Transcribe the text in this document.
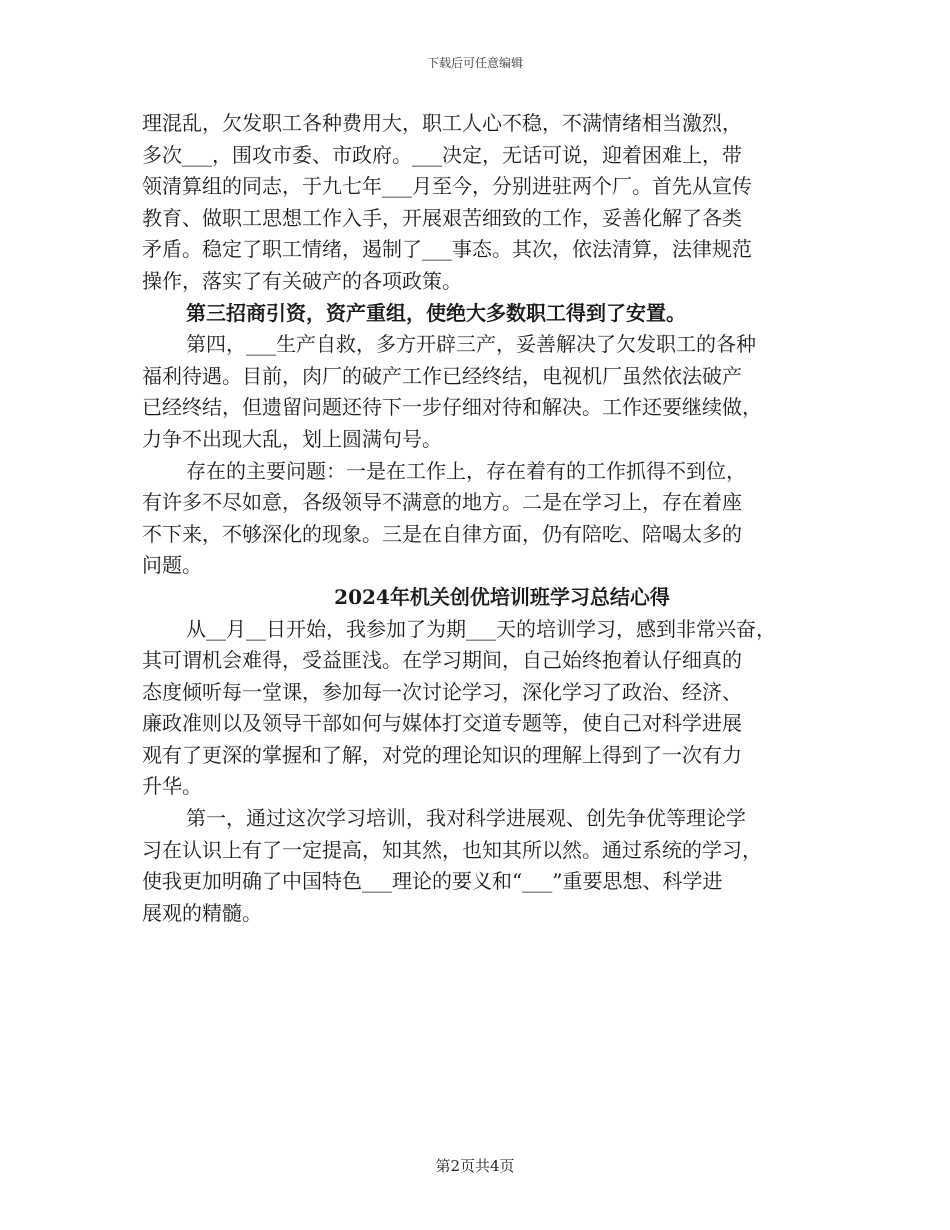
下载后可任意编辑
理混乱，欠发职工各种费用大，职工人心不稳，不满情绪相当激烈，
多次___，围攻市委、市政府。___决定，无话可说，迎着困难上，带
领清算组的同志，于九七年___月至今，分别进驻两个厂。首先从宣传
教育、做职工思想工作入手，开展艰苦细致的工作，妥善化解了各类
矛盾。稳定了职工情绪，遏制了___事态。其次，依法清算，法律规范
操作，落实了有关破产的各项政策。
第三招商引资，资产重组，使绝大多数职工得到了安置。
第四，___生产自救，多方开辟三产，妥善解决了欠发职工的各种
福利待遇。目前，肉厂的破产工作已经终结，电视机厂虽然依法破产
已经终结，但遗留问题还待下一步仔细对待和解决。工作还要继续做，
力争不出现大乱，划上圆满句号。
存在的主要问题：一是在工作上，存在着有的工作抓得不到位，
有许多不尽如意，各级领导不满意的地方。二是在学习上，存在着座
不下来，不够深化的现象。三是在自律方面，仍有陪吃、陪喝太多的
问题。
2024年机关创优培训班学习总结心得
从__月__日开始，我参加了为期___天的培训学习，感到非常兴奋，
其可谓机会难得，受益匪浅。在学习期间，自己始终抱着认仔细真的
态度倾听每一堂课，参加每一次讨论学习，深化学习了政治、经济、
廉政准则以及领导干部如何与媒体打交道专题等，使自己对科学进展
观有了更深的掌握和了解，对党的理论知识的理解上得到了一次有力
升华。
第一，通过这次学习培训，我对科学进展观、创先争优等理论学
习在认识上有了一定提高，知其然，也知其所以然。通过系统的学习，
使我更加明确了中国特色___理论的要义和“___”重要思想、科学进
展观的精髓。
第2页共4页
